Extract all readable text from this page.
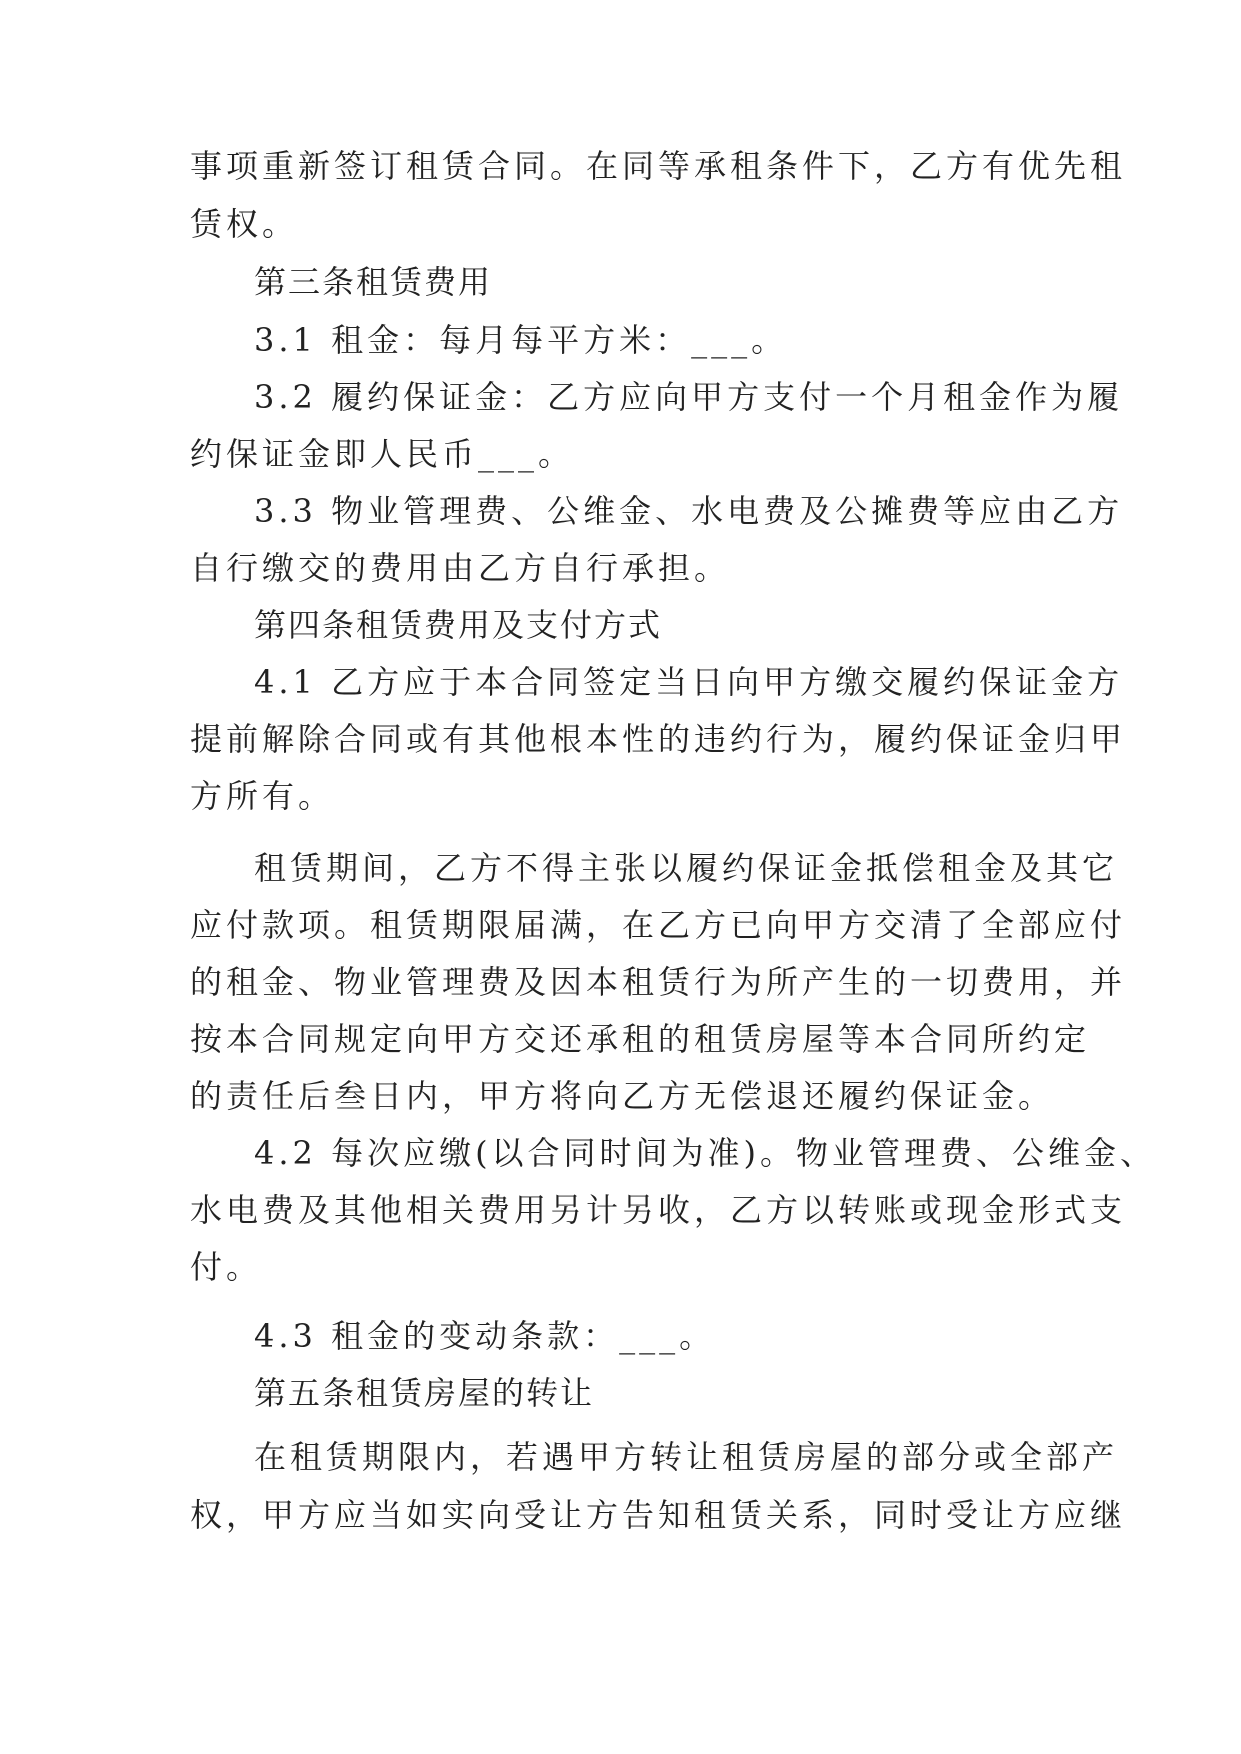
事项重新签订租赁合同。在同等承租条件下，乙方有优先租
赁权。
第三条租赁费用
3.1 租金：每月每平方米：___。
3.2 履约保证金：乙方应向甲方支付一个月租金作为履
约保证金即人民币___。
3.3 物业管理费、公维金、水电费及公摊费等应由乙方
自行缴交的费用由乙方自行承担。
第四条租赁费用及支付方式
4.1 乙方应于本合同签定当日向甲方缴交履约保证金方
提前解除合同或有其他根本性的违约行为，履约保证金归甲
方所有。
租赁期间，乙方不得主张以履约保证金抵偿租金及其它
应付款项。租赁期限届满，在乙方已向甲方交清了全部应付
的租金、物业管理费及因本租赁行为所产生的一切费用，并
按本合同规定向甲方交还承租的租赁房屋等本合同所约定
的责任后叁日内，甲方将向乙方无偿退还履约保证金。
4.2 每次应缴(以合同时间为准)。物业管理费、公维金、
水电费及其他相关费用另计另收，乙方以转账或现金形式支
付。
4.3 租金的变动条款：___。
第五条租赁房屋的转让
在租赁期限内，若遇甲方转让租赁房屋的部分或全部产
权，甲方应当如实向受让方告知租赁关系，同时受让方应继
